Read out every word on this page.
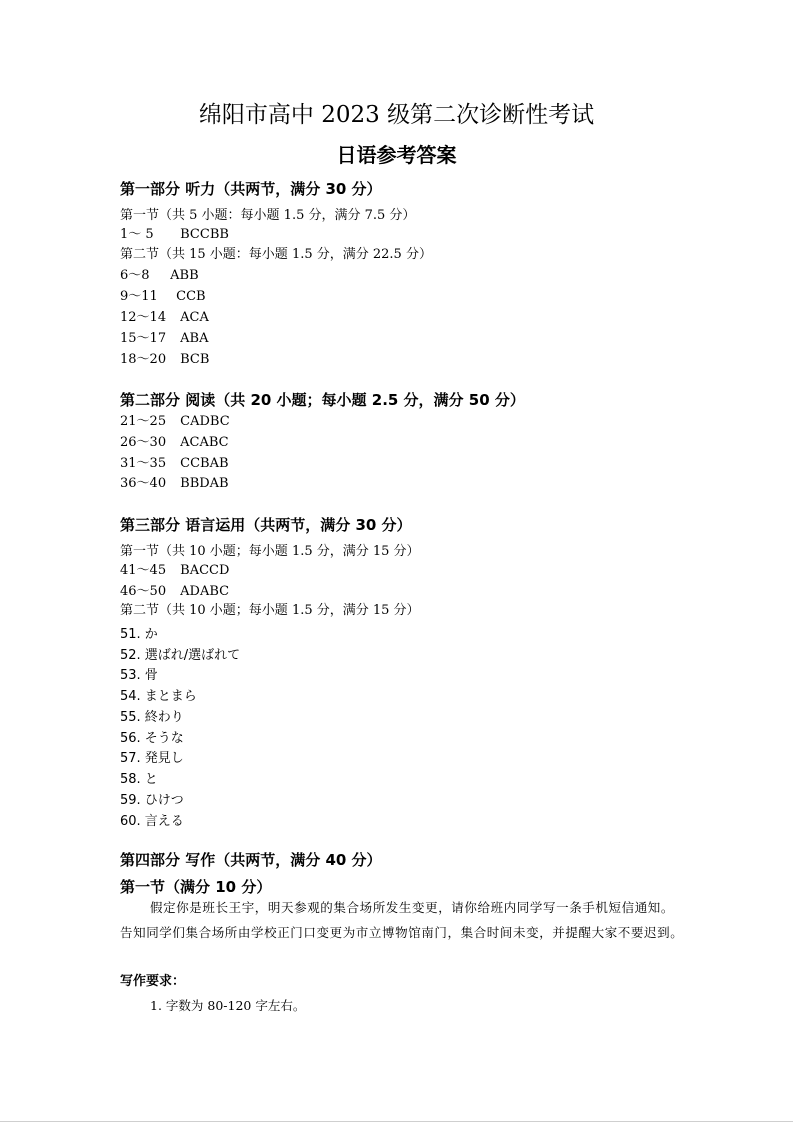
绵阳市高中 2023 级第二次诊断性考试
日语参考答案
第一部分 听力（共两节，满分 30 分）
第一节（共 5 小题：每小题 1.5 分，满分 7.5 分）
1～ 5 BCCBB
第二节（共 15 小题：每小题 1.5 分，满分 22.5 分）
6～8 ABB
9～11 CCB
12～14 ACA
15～17 ABA
18～20 BCB
第二部分 阅读（共 20 小题；每小题 2.5 分，满分 50 分）
21～25 CADBC
26～30 ACABC
31～35 CCBAB
36～40 BBDAB
第三部分 语言运用（共两节，满分 30 分）
第一节（共 10 小题；每小题 1.5 分，满分 15 分）
41～45 BACCD
46～50 ADABC
第二节（共 10 小题；每小题 1.5 分，满分 15 分）
51. か
52. 選ばれ/選ばれて
53. 骨
54. まとまら
55. 終わり
56. そうな
57. 発見し
58. と
59. ひけつ
60. 言える
第四部分 写作（共两节，满分 40 分）
第一节（满分 10 分）

假定你是班长王宇，明天参观的集合场所发生变更，请你给班内同学写一条手机短信通知。告知同学们集合场所由学校正门口变更为市立博物馆南门，集合时间未变，并提醒大家不要迟到。

写作要求：
1. 字数为 80-120 字左右。
